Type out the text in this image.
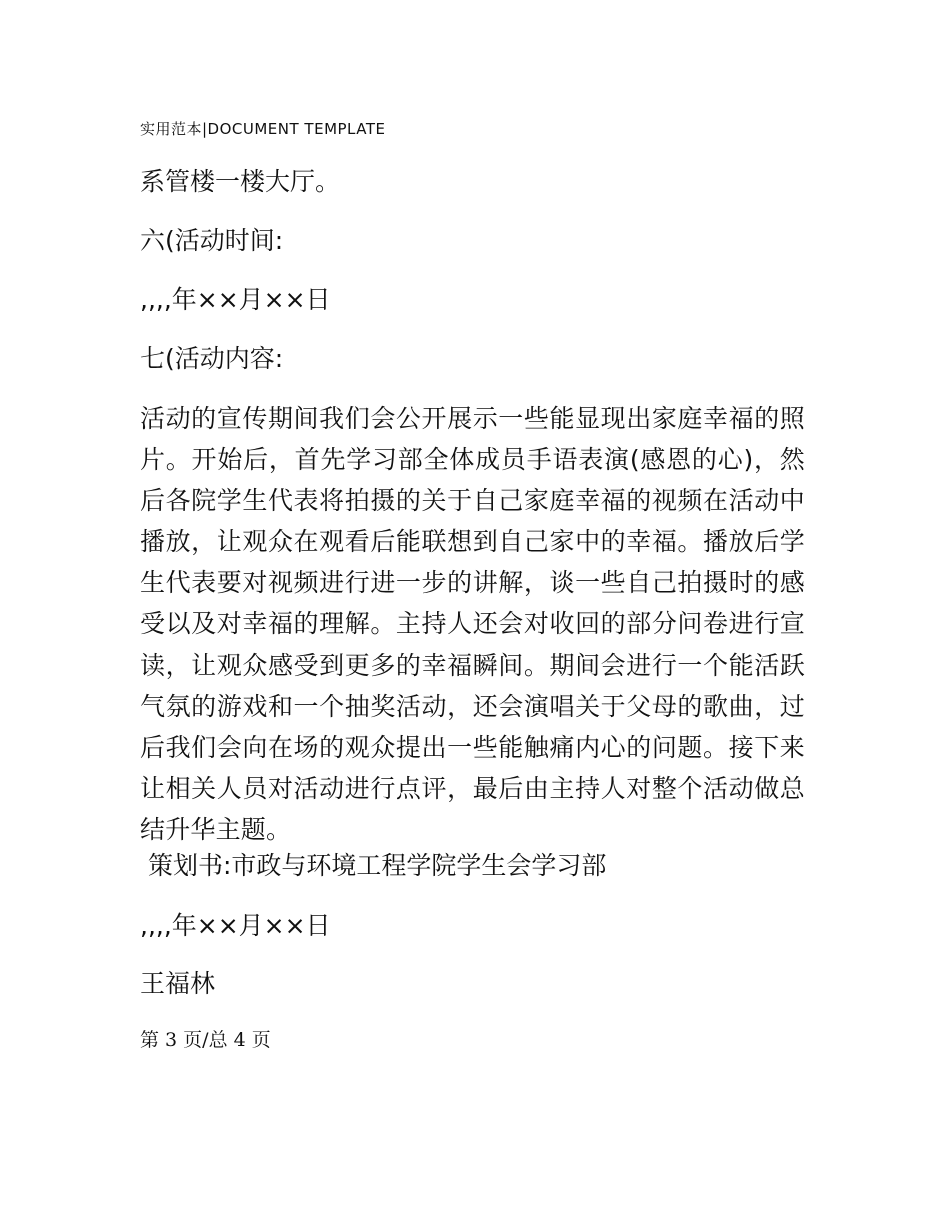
实用范本|DOCUMENT TEMPLATE
系管楼一楼大厅。
六(活动时间:
,,,,年××月××日
七(活动内容:
活动的宣传期间我们会公开展示一些能显现出家庭幸福的照片。开始后，首先学习部全体成员手语表演(感恩的心)，然后各院学生代表将拍摄的关于自己家庭幸福的视频在活动中播放，让观众在观看后能联想到自己家中的幸福。播放后学生代表要对视频进行进一步的讲解，谈一些自己拍摄时的感受以及对幸福的理解。主持人还会对收回的部分问卷进行宣读，让观众感受到更多的幸福瞬间。期间会进行一个能活跃气氛的游戏和一个抽奖活动，还会演唱关于父母的歌曲，过后我们会向在场的观众提出一些能触痛内心的问题。接下来让相关人员对活动进行点评，最后由主持人对整个活动做总结升华主题。
策划书:市政与环境工程学院学生会学习部
,,,,年××月××日
王福林
第 3 页/总 4 页
